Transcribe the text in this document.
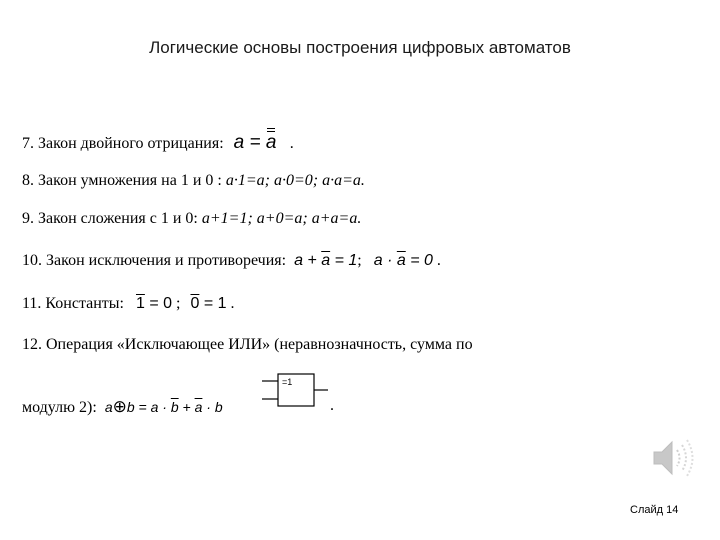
Логические основы построения цифровых автоматов
7. Закон двойного отрицания: a = a .
8. Закон умножения на 1 и 0 : a·1=a; a·0=0; a·a=a.
9. Закон сложения с 1 и 0: a+1=1; a+0=a; a+a=a.
10. Закон исключения и противоречия: $a + \overline{a} = 1$; $a \cdot \overline{a} = 0$ .
11. Константы: 1 = 0 ; 0 = 1 .
12. Операция «Исключающее ИЛИ» (неравнозначность, сумма по
модулю 2): a⊕b = $a \cdot \overline{b} + \overline{a} \cdot b$	.
=1
Слайд 14
